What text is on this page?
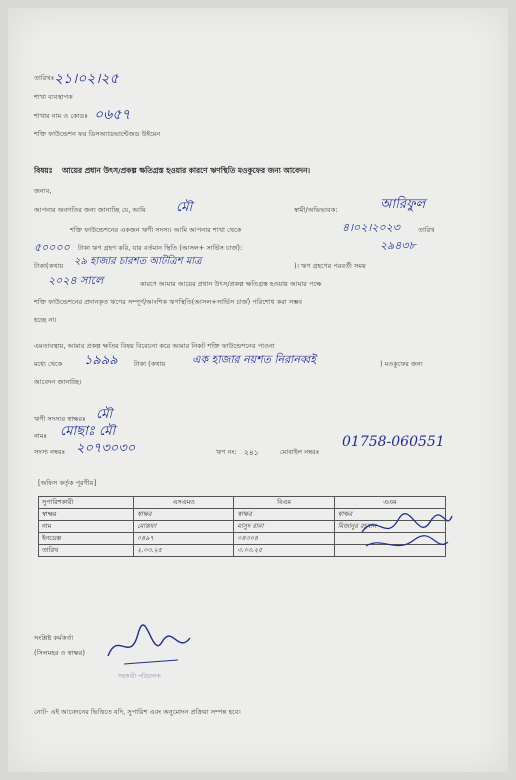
তারিখঃ ২১।০২।২৫
শাখা ব্যবস্থাপক
শাখার নাম ও কোডঃ ০৬৫৭
শক্তি ফাউন্ডেশন ফর ডিসঅ্যাডভান্টেজড উইমেন
বিষয়ঃ আয়ের প্রধান উৎস/প্রকল্প ক্ষতিগ্রস্ত হওয়ার কারণে ঋণস্থিতি মওকুফের জন্য আবেদন।
জনাব,
আপনার অবগতির জন্য জানাচ্ছি যে, আমি মৌ	স্বামী/অভিভাবক:	আরিফুল
শক্তি ফাউন্ডেশনের একজন ঋণী সদস্য। আমি আপনার শাখা থেকে	৪।০২।২০২৩	তারিখ
৫০০০০ টাকা ঋণ গ্রহণ করি, যার বর্তমান স্থিতি (আসল+ সার্ভিস চার্জ):	২৯৪৩৮
টাকা(কথায় ২৯ হাজার চারশত আটত্রিশ মাত্র	)। ঋণ গ্রহণের পরবর্তী সময়
২০২৪ সালে	কারণে আমার আয়ের প্রধান উৎস/প্রকল্প ক্ষতিগ্রস্ত হওয়ায় আমার পক্ষে
শক্তি ফাউন্ডেশনের প্রদানকৃত ঋণের সম্পূর্ণ/আংশিক ঋণস্থিতি(আসল+সার্ভিস চার্জ) পরিশোধ করা সম্ভব
হচ্ছে না।
এমতাবস্থায়, আমার প্রকল্প ক্ষতির বিষয় বিবেচনা করে আমার নিকট শক্তি ফাউন্ডেশনের পাওনা
মধ্যে থেকে ১৯৯৯ টাকা (কথায় এক হাজার নয়শত নিরানব্বই	) মওকুফের জন্য
আবেদন জানাচ্ছি।
ঋণী সদস্যর স্বাক্ষরঃ মৌ
নামঃ মোছাঃ মৌ
সদস্য নম্বরঃ ২০৭৩০৩০	ঋণ নং: ২৪১	মোবাইল নম্বরঃ
01758-060551
[অফিস কর্তৃক পূরণীয়]
সুপারিশকারী	এসএমও	বিএম	এএম
স্বাক্ষর	স্বাক্ষর	স্বাক্ষর	স্বাক্ষর
নাম	মোস্তফা	মাসুদ রানা	মিজানুর রহমান
ইনডেক্স	০৪৯৭	০৪৩০৪	
তারিখ	২.০৩.২৫	৩.০৩.২৫	
সংশ্লিষ্ট কর্মকর্তা
(সিলমহর ও স্বাক্ষর)
সহকারী পরিচালক
নোট- এই আবেদনের ভিত্তিতে যদি, সুপারিশ এবং অনুমোদন প্রক্রিয়া সম্পন্ন হবে।
